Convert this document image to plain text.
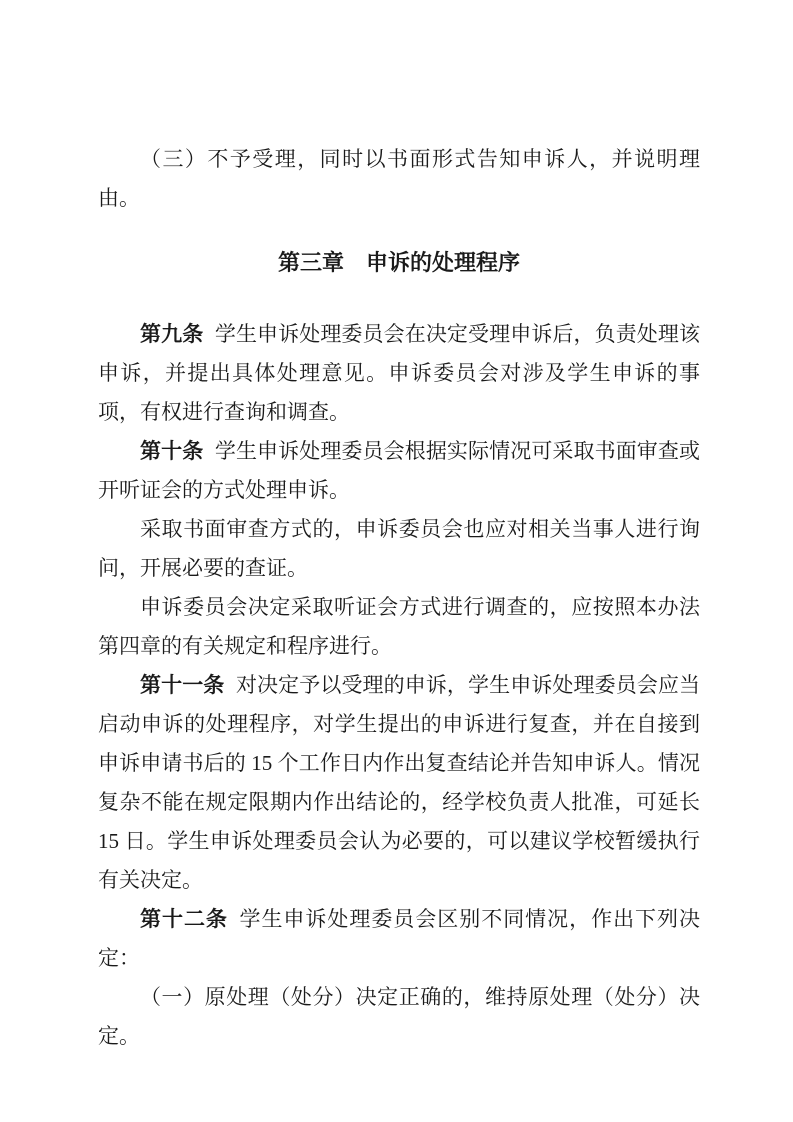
（三）不予受理，同时以书面形式告知申诉人，并说明理由。

第三章 申诉的处理程序

第九条 学生申诉处理委员会在决定受理申诉后，负责处理该申诉，并提出具体处理意见。申诉委员会对涉及学生申诉的事项，有权进行查询和调查。

第十条 学生申诉处理委员会根据实际情况可采取书面审查或开听证会的方式处理申诉。

采取书面审查方式的，申诉委员会也应对相关当事人进行询问，开展必要的查证。

申诉委员会决定采取听证会方式进行调查的，应按照本办法第四章的有关规定和程序进行。

第十一条 对决定予以受理的申诉，学生申诉处理委员会应当启动申诉的处理程序，对学生提出的申诉进行复查，并在自接到申诉申请书后的 15 个工作日内作出复查结论并告知申诉人。情况复杂不能在规定限期内作出结论的，经学校负责人批准，可延长 15 日。学生申诉处理委员会认为必要的，可以建议学校暂缓执行有关决定。

第十二条 学生申诉处理委员会区别不同情况，作出下列决定：

（一）原处理（处分）决定正确的，维持原处理（处分）决定。
